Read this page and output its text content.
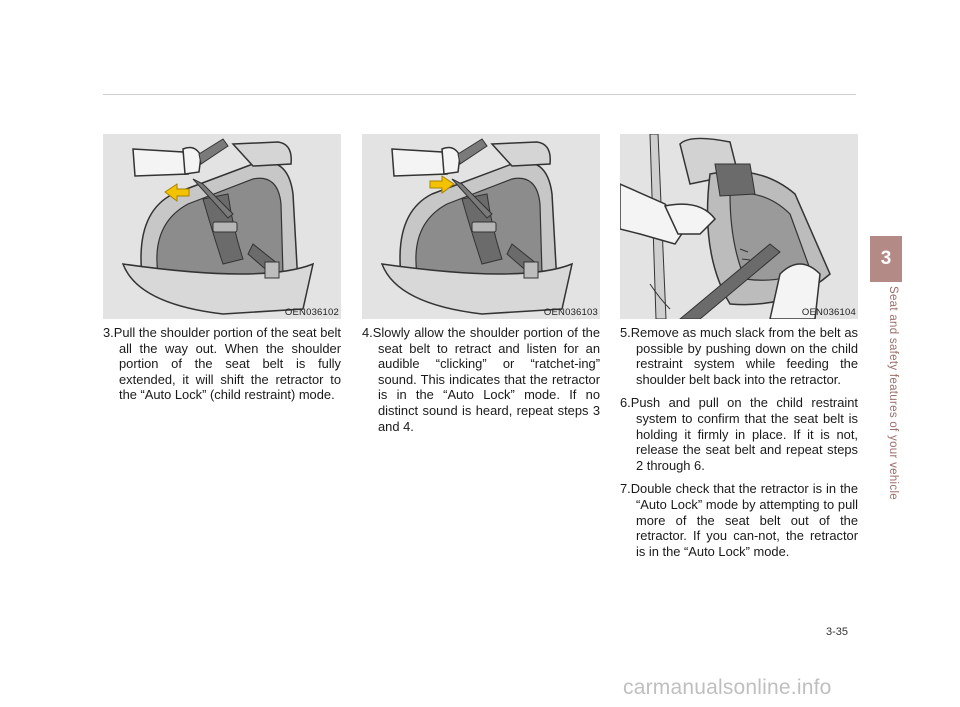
3
Seat and safety features of your vehicle
OEN036102	OEN036103	OEN036104

3.Pull the shoulder portion of the seat belt all the way out. When the shoulder portion of the seat belt is fully extended, it will shift the retractor to the “Auto Lock” (child restraint) mode.

4.Slowly allow the shoulder portion of the seat belt to retract and listen for an audible “clicking” or “ratchet-ing” sound. This indicates that the retractor is in the “Auto Lock” mode. If no distinct sound is heard, repeat steps 3 and 4.

5.Remove as much slack from the belt as possible by pushing down on the child restraint system while feeding the shoulder belt back into the retractor.

6.Push and pull on the child restraint system to confirm that the seat belt is holding it firmly in place. If it is not, release the seat belt and repeat steps 2 through 6.

7.Double check that the retractor is in the “Auto Lock” mode by attempting to pull more of the seat belt out of the retractor. If you can-not, the retractor is in the “Auto Lock” mode.

3-35
carmanualsonline.info
